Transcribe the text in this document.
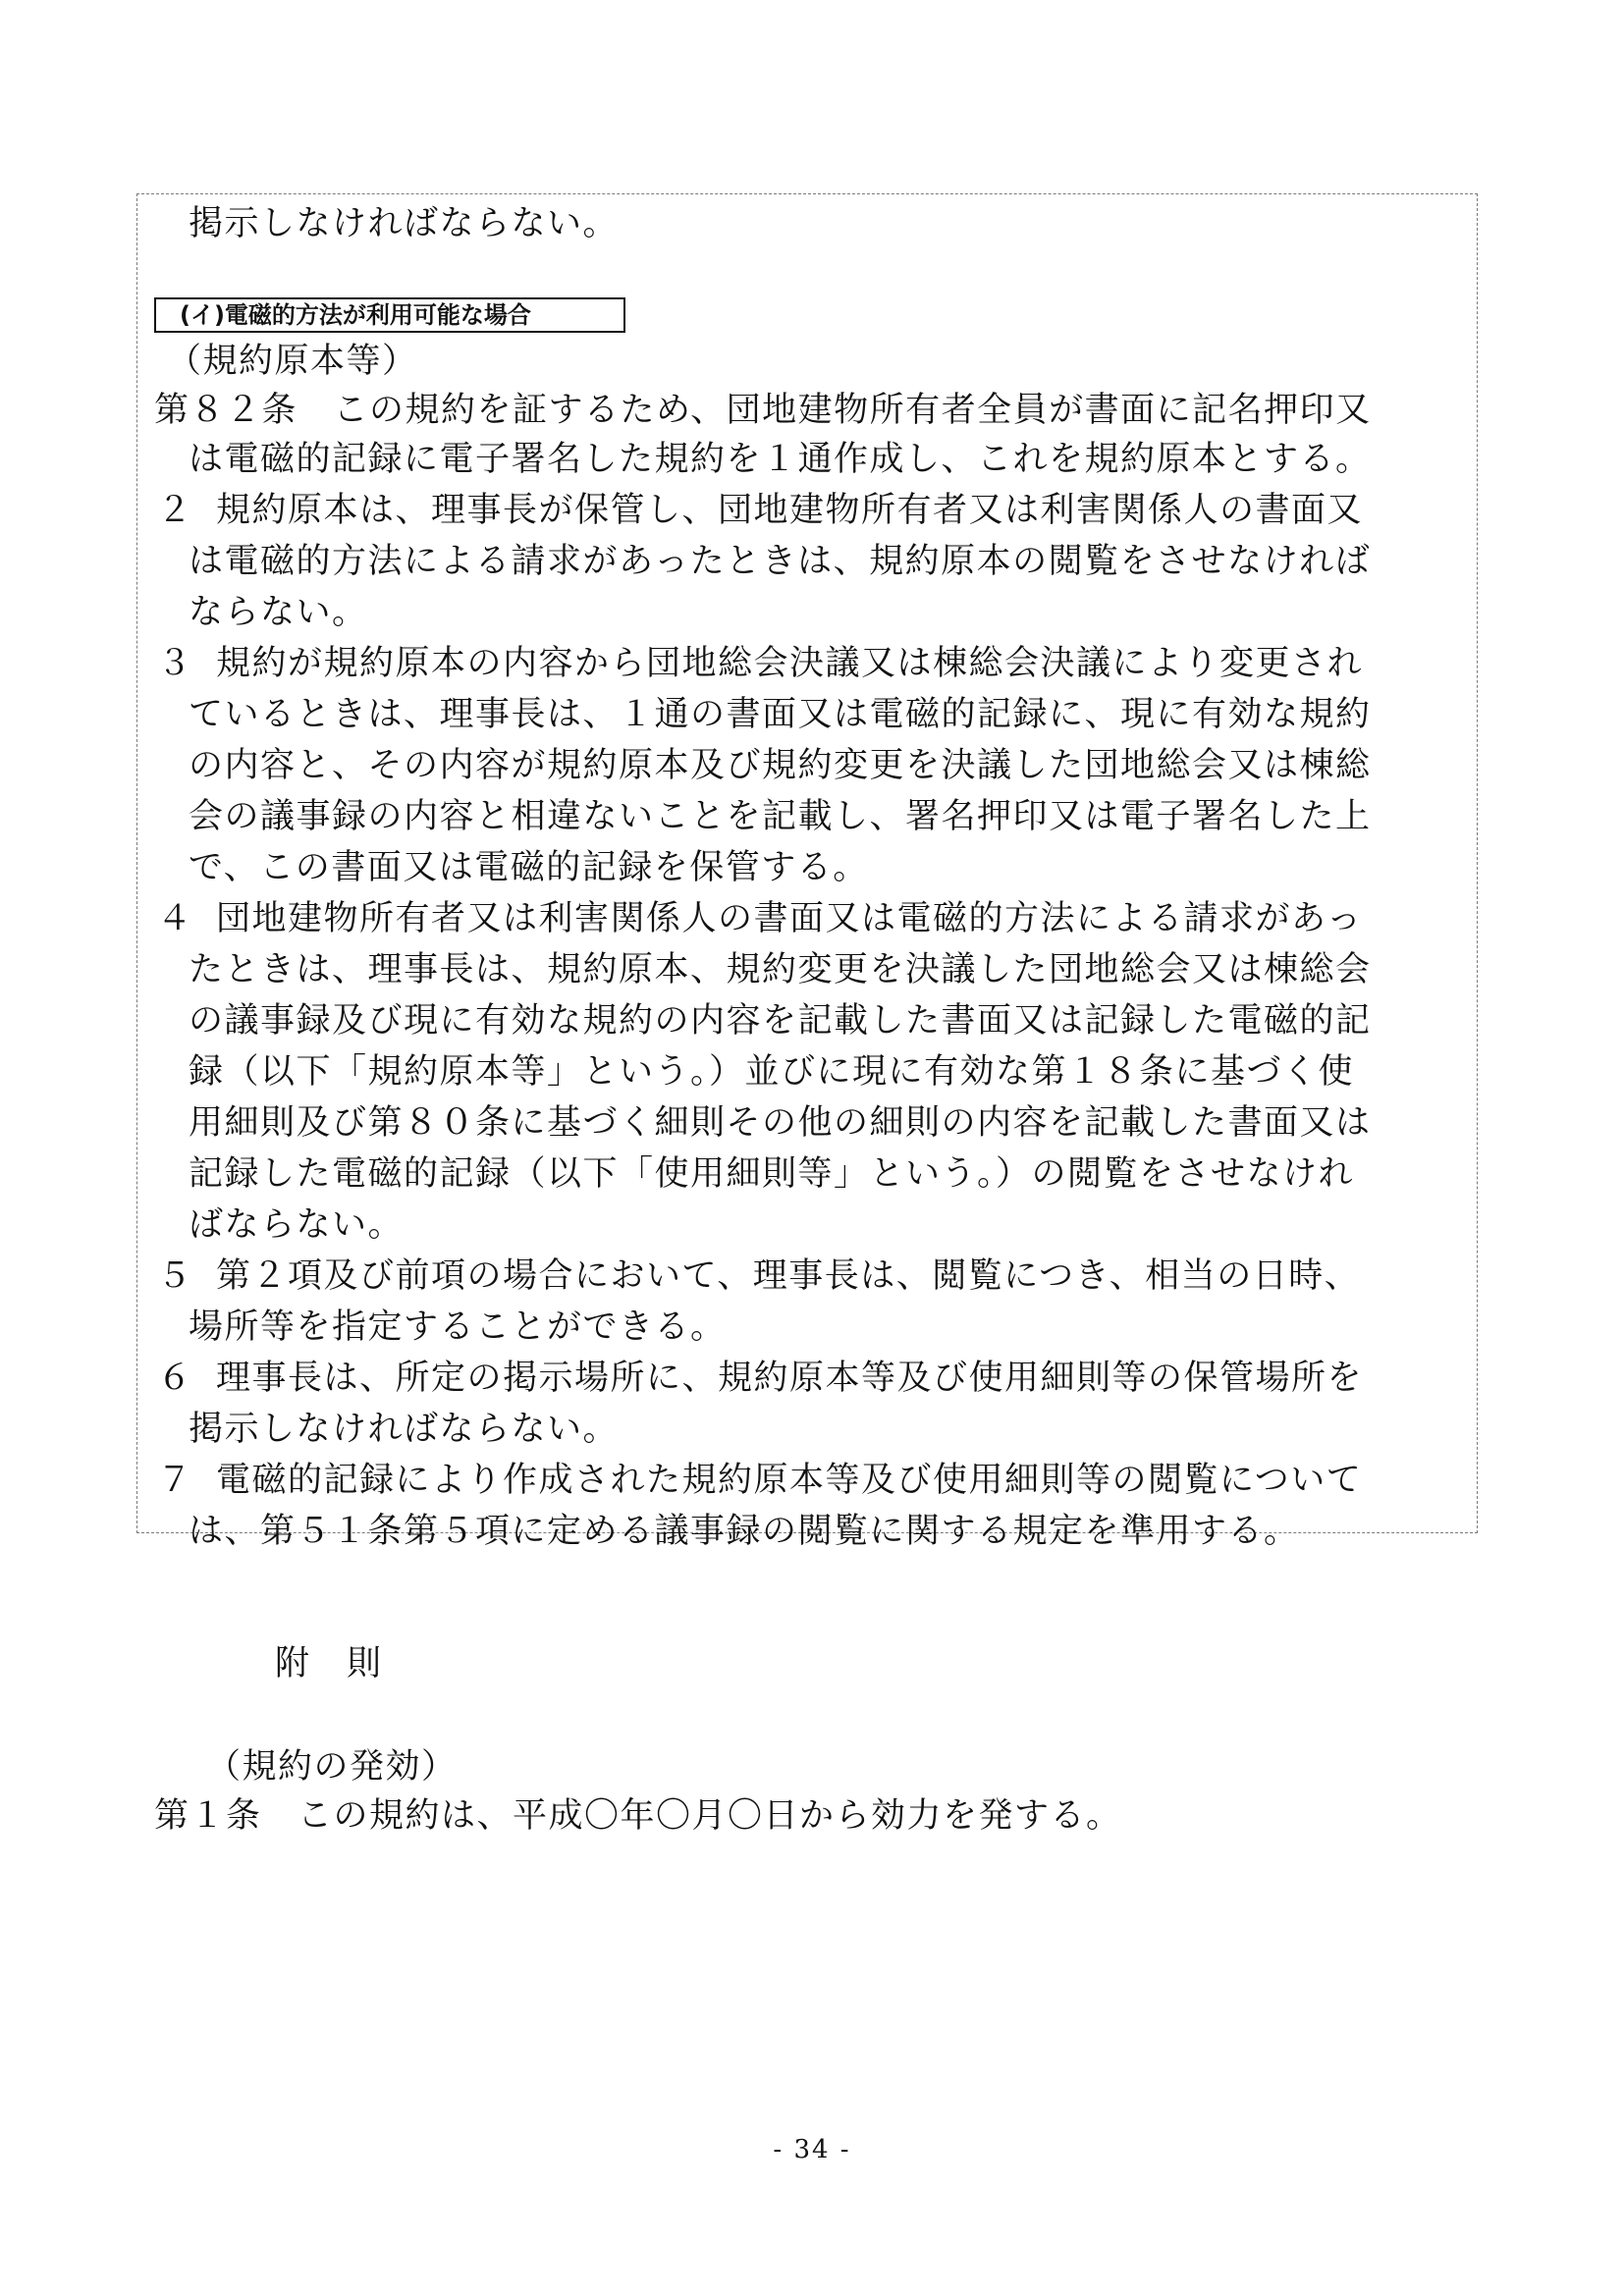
掲示しなければならない。
(イ)電磁的方法が利用可能な場合
（規約原本等）
第８２条　 この規約を証するため、団地建物所有者全員が書面に記名押印又
は電磁的記録に電子署名した規約を１通作成し、これを規約原本とする。
２ 規約原本は、理事長が保管し、団地建物所有者又は利害関係人の書面又
は電磁的方法による請求があったときは、規約原本の閲覧をさせなければ
ならない。
３ 規約が規約原本の内容から団地総会決議又は棟総会決議により変更され
ているときは、理事長は、１通の書面又は電磁的記録に、現に有効な規約
の内容と、その内容が規約原本及び規約変更を決議した団地総会又は棟総
会の議事録の内容と相違ないことを記載し、署名押印又は電子署名した上
で、この書面又は電磁的記録を保管する。
４ 団地建物所有者又は利害関係人の書面又は電磁的方法による請求があっ
たときは、理事長は、規約原本、規約変更を決議した団地総会又は棟総会
の議事録及び現に有効な規約の内容を記載した書面又は記録した電磁的記
録（以下「規約原本等」という。）並びに現に有効な第１８条に基づく使
用細則及び第８０条に基づく細則その他の細則の内容を記載した書面又は
記録した電磁的記録（以下「使用細則等」という。）の閲覧をさせなけれ
ばならない。
５ 第２項及び前項の場合において、理事長は、閲覧につき、相当の日時、
場所等を指定することができる。
６ 理事長は、所定の掲示場所に、規約原本等及び使用細則等の保管場所を
掲示しなければならない。
７ 電磁的記録により作成された規約原本等及び使用細則等の閲覧について
は、第５１条第５項に定める議事録の閲覧に関する規定を準用する。
附　則
（規約の発効）
第１条　 この規約は、平成〇年〇月〇日から効力を発する。
- 34 -
